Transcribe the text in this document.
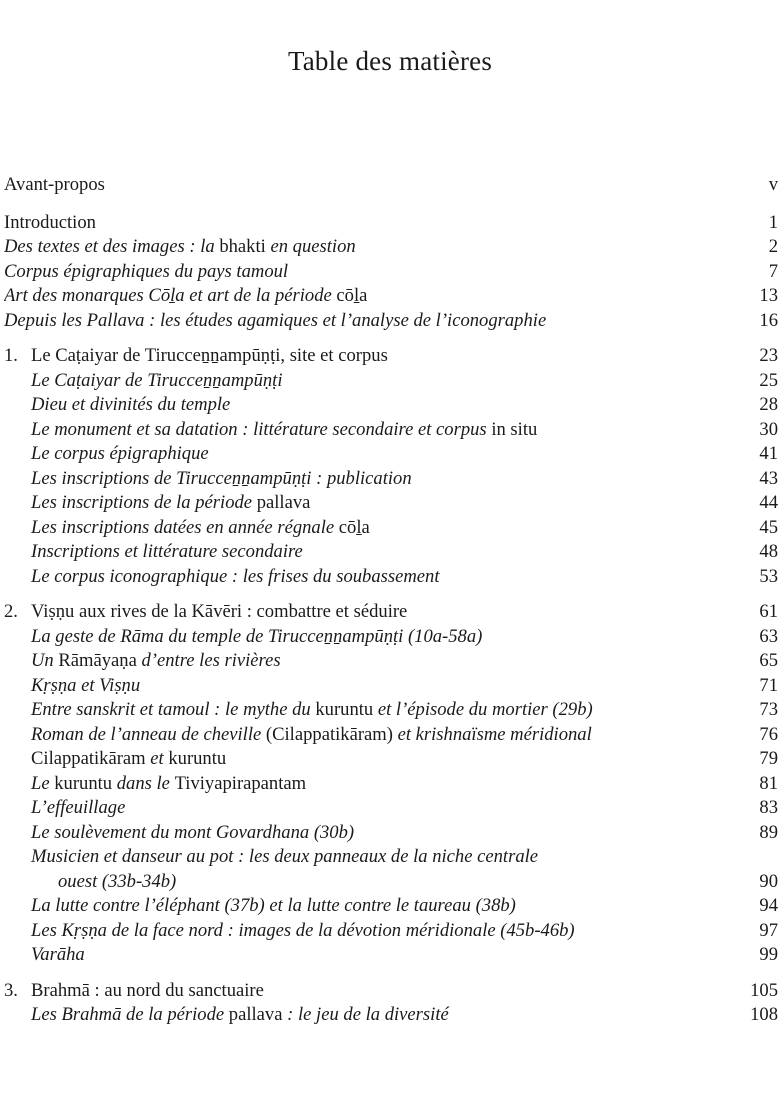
Table des matières
Avant-propos	v
Introduction	1
Des textes et des images : la bhakti en question	2
Corpus épigraphiques du pays tamoul	7
Art des monarques Cōḻa et art de la période cōḻa	13
Depuis les Pallava : les études agamiques et l’analyse de l’iconographie	16
1. Le Caṭaiyar de Tirucceṉṉampūṇṭi, site et corpus	23
Le Caṭaiyar de Tirucceṉṉampūṇṭi	25
Dieu et divinités du temple	28
Le monument et sa datation : littérature secondaire et corpus in situ	30
Le corpus épigraphique	41
Les inscriptions de Tirucceṉṉampūṇṭi : publication	43
Les inscriptions de la période pallava	44
Les inscriptions datées en année régnale cōḻa	45
Inscriptions et littérature secondaire	48
Le corpus iconographique : les frises du soubassement	53
2. Viṣṇu aux rives de la Kāvēri : combattre et séduire	61
La geste de Rāma du temple de Tiruccеṉṉampūṇṭi (10a-58a)	63
Un Rāmāyaṇa d’entre les rivières	65
Kṛṣṇa et Viṣṇu	71
Entre sanskrit et tamoul : le mythe du kuruntu et l’épisode du mortier (29b)	73
Roman de l’anneau de cheville (Cilappatikāram) et krishnaïsme méridional	76
Cilappatikāram et kuruntu	79
Le kuruntu dans le Tiviyapirapantam	81
L’effeuillage	83
Le soulèvement du mont Govardhana (30b)	89
Musicien et danseur au pot : les deux panneaux de la niche centrale
ouest (33b-34b)	90
La lutte contre l’éléphant (37b) et la lutte contre le taureau (38b)	94
Les Kṛṣṇa de la face nord : images de la dévotion méridionale (45b-46b)	97
Varāha	99
3. Brahmā : au nord du sanctuaire	105
Les Brahmā de la période pallava : le jeu de la diversité	108
